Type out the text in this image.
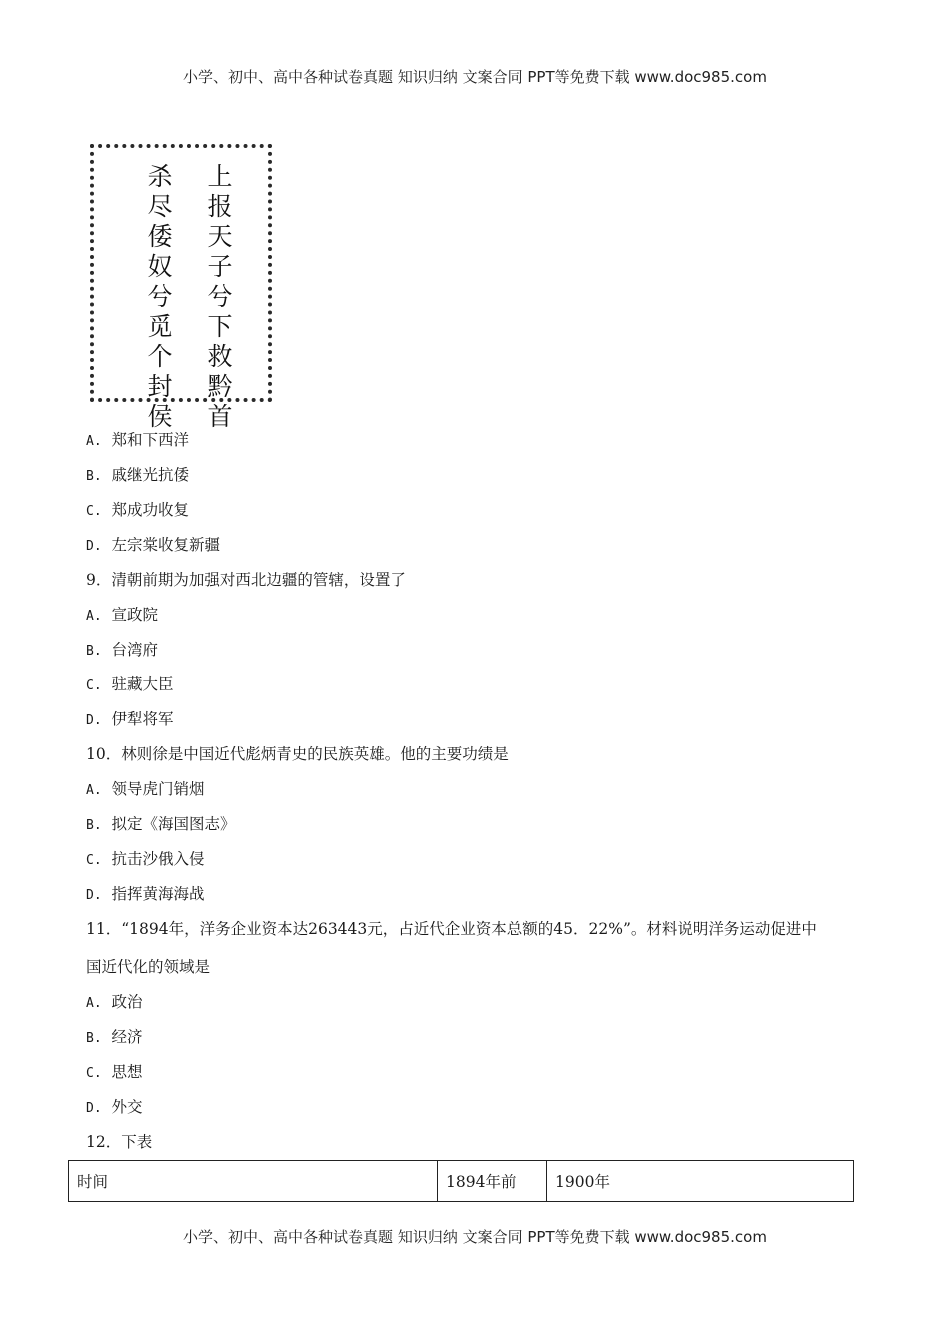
小学、初中、高中各种试卷真题 知识归纳 文案合同 PPT等免费下载 www.doc985.com
上报天子兮下救黔首
杀尽倭奴兮觅个封侯
A. 郑和下西洋
B. 戚继光抗倭
C. 郑成功收复
D. 左宗棠收复新疆
9．清朝前期为加强对西北边疆的管辖，设置了
A. 宣政院
B. 台湾府
C. 驻藏大臣
D. 伊犁将军
10．林则徐是中国近代彪炳青史的民族英雄。他的主要功绩是
A. 领导虎门销烟
B. 拟定《海国图志》
C. 抗击沙俄入侵
D. 指挥黄海海战
11．“1894年，洋务企业资本达263443元，占近代企业资本总额的45．22%”。材料说明洋务运动促进中
国近代化的领域是
A. 政治
B. 经济
C. 思想
D. 外交
12．下表
时间	1894年前	1900年
小学、初中、高中各种试卷真题 知识归纳 文案合同 PPT等免费下载 www.doc985.com
